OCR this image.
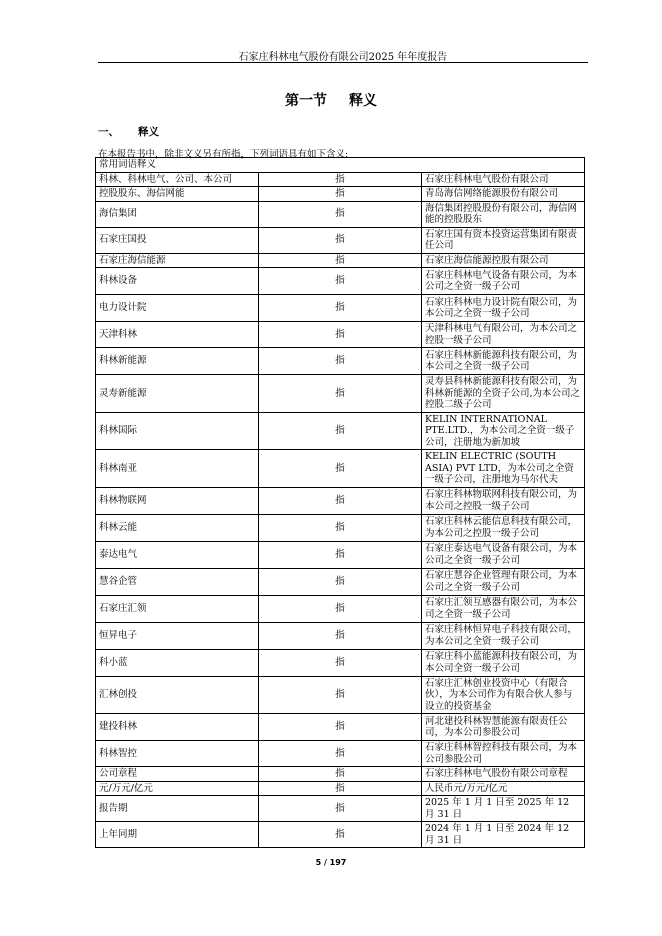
石家庄科林电气股份有限公司2025 年年度报告
第一节 释义
一、 释义
在本报告书中，除非文义另有所指，下列词语具有如下含义:
常用词语释义		
科林、科林电气、公司、本公司	指	石家庄科林电气股份有限公司
控股股东、海信网能	指	青岛海信网络能源股份有限公司
海信集团	指	海信集团控股股份有限公司，海信网能的控股股东
石家庄国投	指	石家庄国有资本投资运营集团有限责任公司
石家庄海信能源	指	石家庄海信能源控股有限公司
科林设备	指	石家庄科林电气设备有限公司，为本公司之全资一级子公司
电力设计院	指	石家庄科林电力设计院有限公司，为本公司之全资一级子公司
天津科林	指	天津科林电气有限公司，为本公司之控股一级子公司
科林新能源	指	石家庄科林新能源科技有限公司，为本公司之全资一级子公司
灵寿新能源	指	灵寿县科林新能源科技有限公司，为科林新能源的全资子公司,为本公司之控股二级子公司
科林国际	指	KELIN INTERNATIONAL PTE.LTD.，为本公司之全资一级子公司，注册地为新加坡
科林南亚	指	KELIN ELECTRIC (SOUTH ASIA) PVT LTD，为本公司之全资一级子公司，注册地为马尔代夫
科林物联网	指	石家庄科林物联网科技有限公司，为本公司之控股一级子公司
科林云能	指	石家庄科林云能信息科技有限公司，为本公司之控股一级子公司
泰达电气	指	石家庄泰达电气设备有限公司，为本公司之全资一级子公司
慧谷企管	指	石家庄慧谷企业管理有限公司，为本公司之全资一级子公司
石家庄汇领	指	石家庄汇领互感器有限公司，为本公司之全资一级子公司
恒昇电子	指	石家庄科林恒昇电子科技有限公司，为本公司之全资一级子公司
科小蓝	指	石家庄科小蓝能源科技有限公司，为本公司全资一级子公司
汇林创投	指	石家庄汇林创业投资中心（有限合伙），为本公司作为有限合伙人参与设立的投资基金
建投科林	指	河北建投科林智慧能源有限责任公司，为本公司参股公司
科林智控	指	石家庄科林智控科技有限公司，为本公司参股公司
公司章程	指	石家庄科林电气股份有限公司章程
元/万元/亿元	指	人民币元/万元/亿元
报告期	指	2025 年 1 月 1 日至 2025 年 12 月 31 日
上年同期	指	2024 年 1 月 1 日至 2024 年 12 月 31 日
5 / 197
